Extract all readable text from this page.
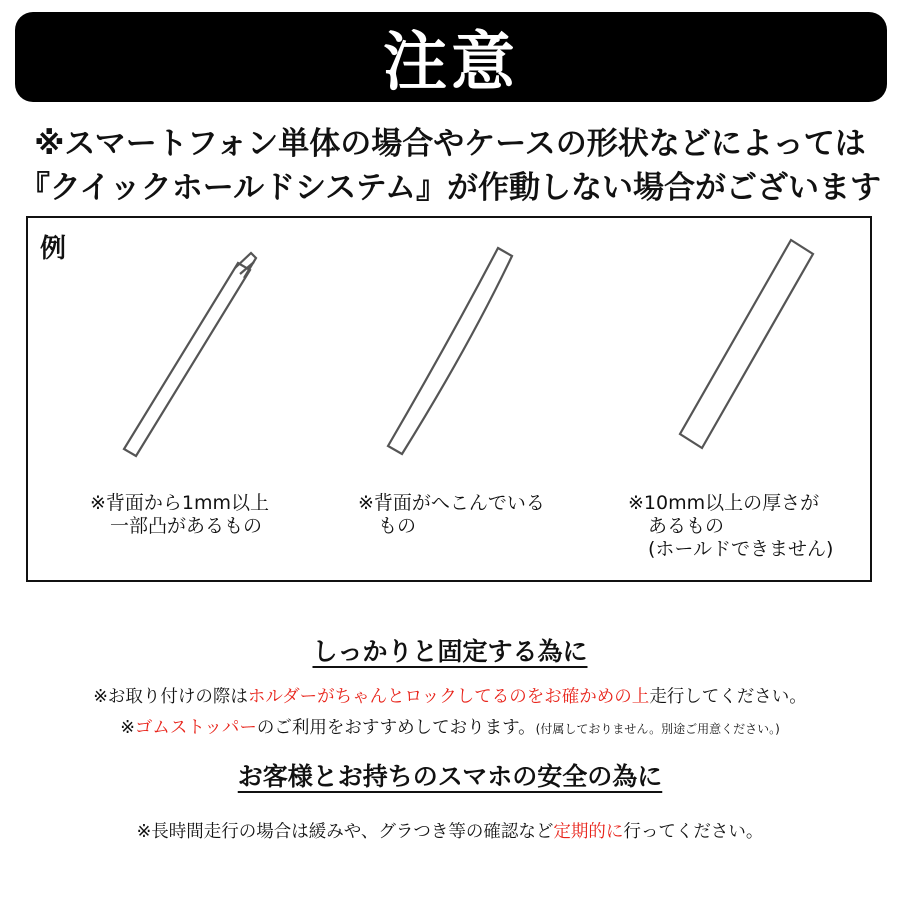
注意
※スマートフォン単体の場合やケースの形状などによっては
『クイックホールドシステム』が作動しない場合がございます
例
※背面から1mm以上
一部凸があるもの
※背面がへこんでいる
もの
※10mm以上の厚さが
あるもの
(ホールドできません)
しっかりと固定する為に
※お取り付けの際はホルダーがちゃんとロックしてるのをお確かめの上走行してください。
※ゴムストッパーのご利用をおすすめしております。(付属しておりません。別途ご用意ください。)
お客様とお持ちのスマホの安全の為に
※長時間走行の場合は緩みや、グラつき等の確認など定期的に行ってください。
